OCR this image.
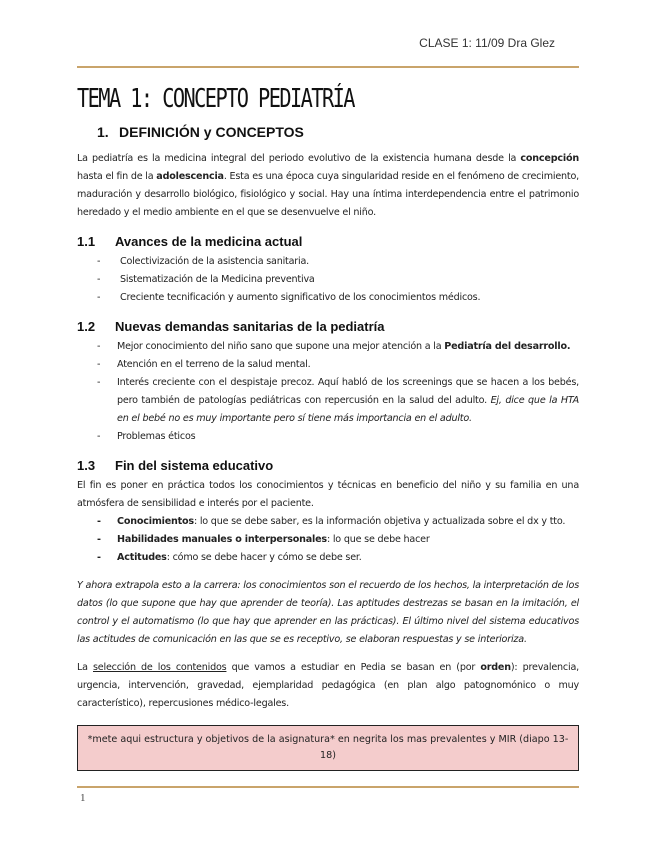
CLASE 1: 11/09 Dra Glez
TEMA 1: CONCEPTO PEDIATRÍA
1. DEFINICIÓN y CONCEPTOS

La pediatría es la medicina integral del periodo evolutivo de la existencia humana desde la concepción hasta el fin de la adolescencia. Esta es una época cuya singularidad reside en el fenómeno de crecimiento, maduración y desarrollo biológico, fisiológico y social. Hay una íntima interdependencia entre el patrimonio heredado y el medio ambiente en el que se desenvuelve el niño.

1.1 Avances de la medicina actual
- Colectivización de la asistencia sanitaria.
- Sistematización de la Medicina preventiva
- Creciente tecnificación y aumento significativo de los conocimientos médicos.
1.2 Nuevas demandas sanitarias de la pediatría
- Mejor conocimiento del niño sano que supone una mejor atención a la Pediatría del desarrollo.
- Atención en el terreno de la salud mental.
- Interés creciente con el despistaje precoz. Aquí habló de los screenings que se hacen a los bebés, pero también de patologías pediátricas con repercusión en la salud del adulto. Ej, dice que la HTA en el bebé no es muy importante pero sí tiene más importancia en el adulto.
- Problemas éticos
1.3 Fin del sistema educativo

El fin es poner en práctica todos los conocimientos y técnicas en beneficio del niño y su familia en una atmósfera de sensibilidad e interés por el paciente.

- Conocimientos: lo que se debe saber, es la información objetiva y actualizada sobre el dx y tto.
- Habilidades manuales o interpersonales: lo que se debe hacer
- Actitudes: cómo se debe hacer y cómo se debe ser.

Y ahora extrapola esto a la carrera: los conocimientos son el recuerdo de los hechos, la interpretación de los datos (lo que supone que hay que aprender de teoría). Las aptitudes destrezas se basan en la imitación, el control y el automatismo (lo que hay que aprender en las prácticas). El último nivel del sistema educativos las actitudes de comunicación en las que se es receptivo, se elaboran respuestas y se interioriza.

La selección de los contenidos que vamos a estudiar en Pedia se basan en (por orden): prevalencia, urgencia, intervención, gravedad, ejemplaridad pedagógica (en plan algo patognomónico o muy característico), repercusiones médico-legales.

*mete aqui estructura y objetivos de la asignatura* en negrita los mas prevalentes y MIR (diapo 13-18)
1
